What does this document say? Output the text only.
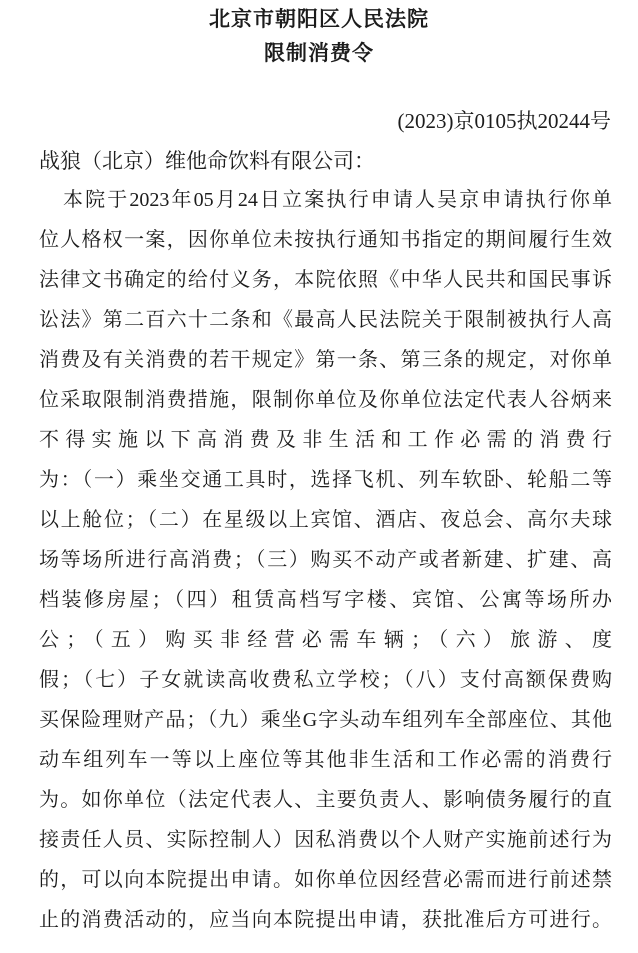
北京市朝阳区人民法院
限制消费令
(2023)京0105执20244号
战狼（北京）维他命饮料有限公司：
本院于2023年05月24日立案执行申请人吴京申请执行你单
位人格权一案，因你单位未按执行通知书指定的期间履行生效
法律文书确定的给付义务，本院依照《中华人民共和国民事诉
讼法》第二百六十二条和《最高人民法院关于限制被执行人高
消费及有关消费的若干规定》第一条、第三条的规定，对你单
位采取限制消费措施，限制你单位及你单位法定代表人谷炳来
不得实施以下高消费及非生活和工作必需的消费行
为：（一）乘坐交通工具时，选择飞机、列车软卧、轮船二等
以上舱位；（二）在星级以上宾馆、酒店、夜总会、高尔夫球
场等场所进行高消费；（三）购买不动产或者新建、扩建、高
档装修房屋；（四）租赁高档写字楼、宾馆、公寓等场所办
公；（五）购买非经营必需车辆；（六）旅游、度
假；（七）子女就读高收费私立学校；（八）支付高额保费购
买保险理财产品；（九）乘坐G字头动车组列车全部座位、其他
动车组列车一等以上座位等其他非生活和工作必需的消费行
为。如你单位（法定代表人、主要负责人、影响债务履行的直
接责任人员、实际控制人）因私消费以个人财产实施前述行为
的，可以向本院提出申请。如你单位因经营必需而进行前述禁
止的消费活动的，应当向本院提出申请，获批准后方可进行。
